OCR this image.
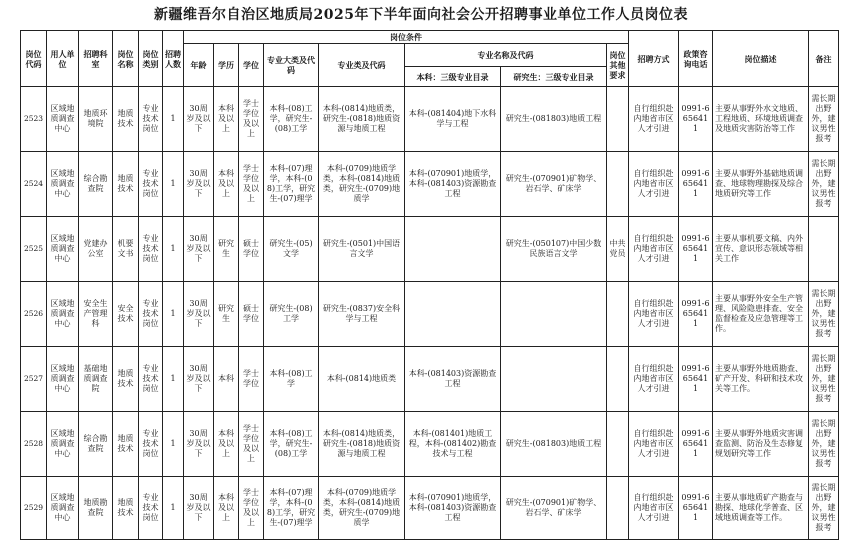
新疆维吾尔自治区地质局2025年下半年面向社会公开招聘事业单位工作人员岗位表
岗位代码	用人单位	招聘科室	岗位名称	岗位类别	招聘人数	岗位条件								招聘方式	政策咨询电话	岗位描述	备注
						年龄	学历	学位	专业大类及代码	专业类及代码	专业名称及代码		岗位其他要求				
											本科：三级专业目录	研究生：三级专业目录					
2523	区域地质调查中心	地质环境院	地质技术	专业技术岗位	1	30周岁及以下	本科及以上	学士学位及以上	本科-(08)工学，研究生-(08)工学	本科-(0814)地质类，研究生-(0818)地质资源与地质工程	本科-(081404)地下水科学与工程	研究生-(081803)地质工程		自行组织赴内地省市区人才引进	0991-6656411	主要从事野外水文地质、工程地质、环境地质调查及地质灾害防治等工作	需长期出野外，建议男性报考
2524	区域地质调查中心	综合勘查院	地质技术	专业技术岗位	1	30周岁及以下	本科及以上	学士学位及以上	本科-(07)理学，本科-(08)工学，研究生-(07)理学	本科-(0709)地质学类，本科-(0814)地质类，研究生-(0709)地质学	本科-(070901)地质学，本科-(081403)资源勘查工程	研究生-(070901)矿物学、岩石学、矿床学		自行组织赴内地省市区人才引进	0991-6656411	主要从事野外基础地质调查、地球物理勘探及综合地质研究等工作	需长期出野外，建议男性报考
2525	区域地质调查中心	党建办公室	机要文书	专业技术岗位	1	30周岁及以下	研究生	硕士学位	研究生-(05)文学	研究生-(0501)中国语言文学		研究生-(050107)中国少数民族语言文学	中共党员	自行组织赴内地省市区人才引进	0991-6656411	主要从事机要文稿、内外宣传、意识形态领域等相关工作	
2526	区域地质调查中心	安全生产管理科	安全技术	专业技术岗位	1	30周岁及以下	研究生	硕士学位	研究生-(08)工学	研究生-(0837)安全科学与工程				自行组织赴内地省市区人才引进	0991-6656411	主要从事野外安全生产管理、风险隐患排查、安全监督检查及应急管理等工作。	需长期出野外，建议男性报考
2527	区域地质调查中心	基础地质调查院	地质技术	专业技术岗位	1	30周岁及以下	本科	学士学位	本科-(08)工学	本科-(0814)地质类	本科-(081403)资源勘查工程			自行组织赴内地省市区人才引进	0991-6656411	主要从事野外地质勘查、矿产开发、科研和技术攻关等工作。	需长期出野外，建议男性报考
2528	区域地质调查中心	综合勘查院	地质技术	专业技术岗位	1	30周岁及以下	本科及以上	学士学位及以上	本科-(08)工学，研究生-(08)工学	本科-(0814)地质类，研究生-(0818)地质资源与地质工程	本科-(081401)地质工程，本科-(081402)勘查技术与工程	研究生-(081803)地质工程		自行组织赴内地省市区人才引进	0991-6656411	主要从事野外地质灾害调查监测、防治及生态修复规划研究等工作	需长期出野外，建议男性报考
2529	区域地质调查中心	地质勘查院	地质技术	专业技术岗位	1	30周岁及以下	本科及以上	学士学位及以上	本科-(07)理学，本科-(08)工学，研究生-(07)理学	本科-(0709)地质学类，本科-(0814)地质类，研究生-(0709)地质学	本科-(070901)地质学，本科-(081403)资源勘查工程	研究生-(070901)矿物学、岩石学、矿床学		自行组织赴内地省市区人才引进	0991-6656411	主要从事地质矿产勘查与勘探、地球化学普查、区域地质调查等工作。	需长期出野外，建议男性报考
